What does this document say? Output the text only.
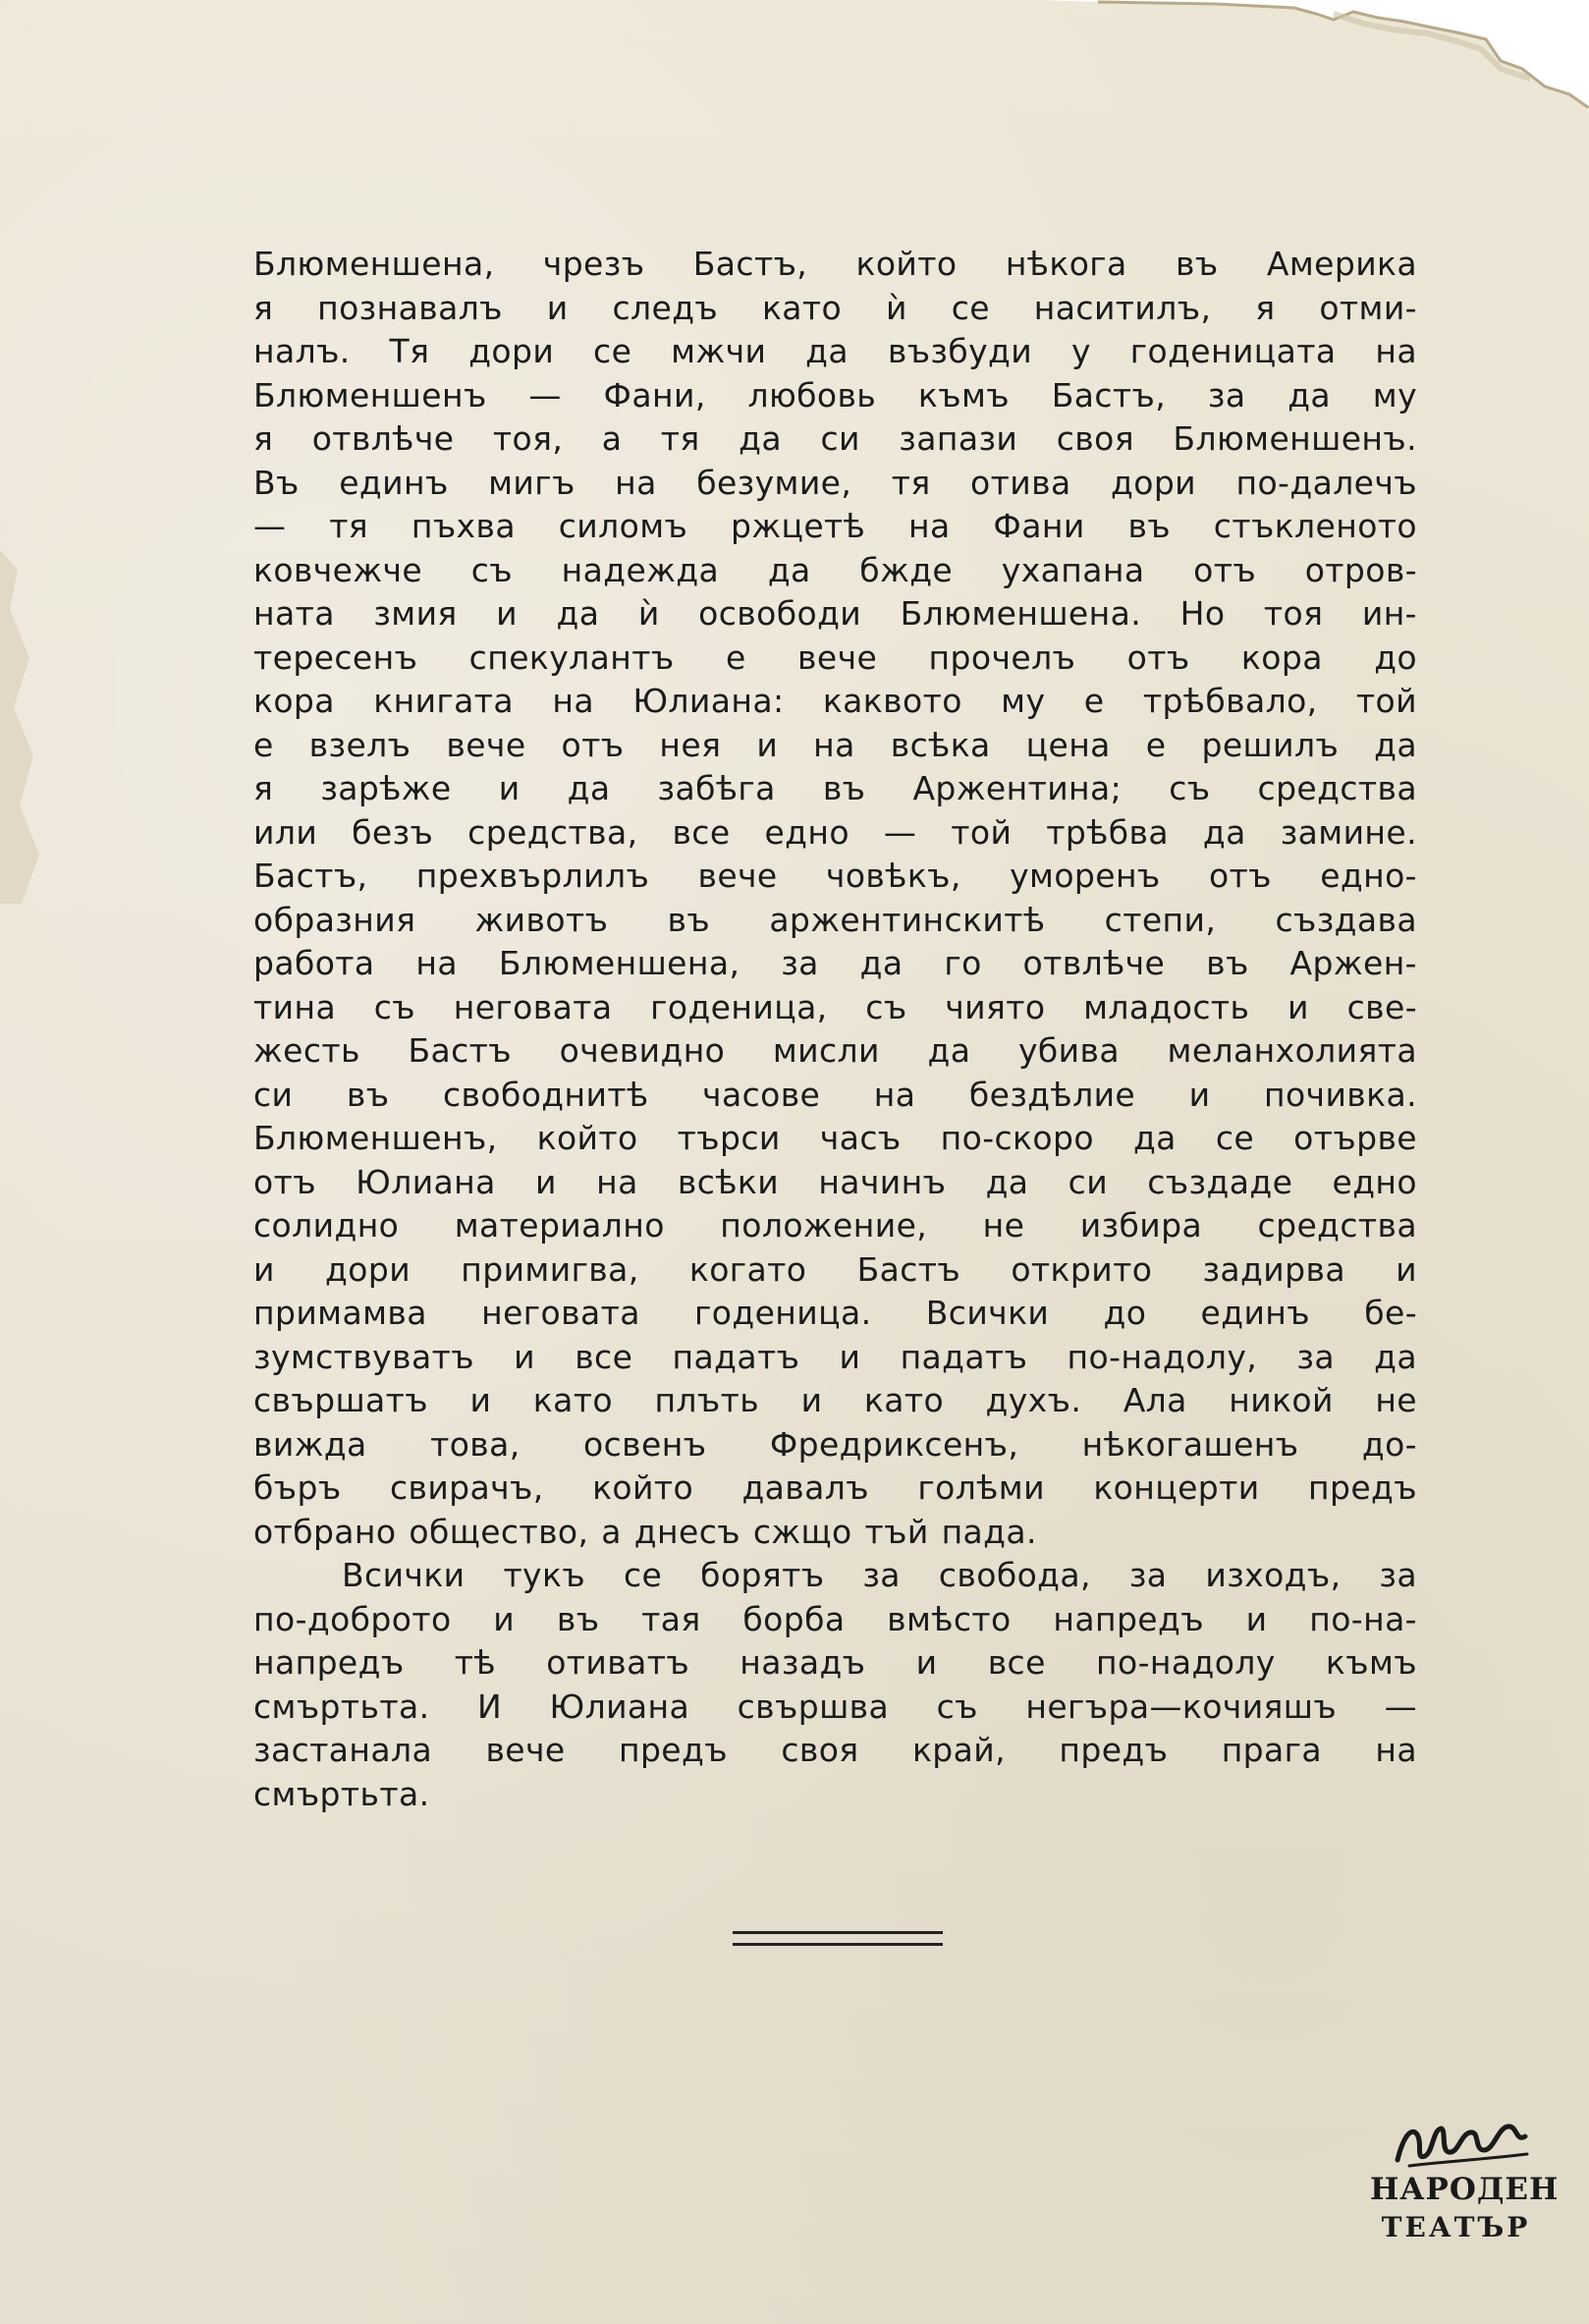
Блюменшена, чрезъ Бастъ, който нѣкога въ Америка
я познавалъ и следъ като ѝ се наситилъ, я отми-
налъ. Тя дори се мжчи да възбуди у годеницата на
Блюменшенъ — Фани, любовь къмъ Бастъ, за да му
я отвлѣче тоя, а тя да си запази своя Блюменшенъ.
Въ единъ мигъ на безумие, тя отива дори по-далечъ
— тя пъхва силомъ ржцетѣ на Фани въ стъкленото
ковчежче съ надежда да бжде ухапана отъ отров-
ната змия и да ѝ освободи Блюменшена. Но тоя ин-
тересенъ спекулантъ е вече прочелъ отъ кора до
кора книгата на Юлиана: каквото му е трѣбвало, той
е взелъ вече отъ нея и на всѣка цена е решилъ да
я зарѣже и да забѣга въ Аржентина; съ средства
или безъ средства, все едно — той трѣбва да замине.
Бастъ, прехвърлилъ вече човѣкъ, уморенъ отъ едно-
образния животъ въ аржентинскитѣ степи, създава
работа на Блюменшена, за да го отвлѣче въ Аржен-
тина съ неговата годеница, съ чиято младость и све-
жесть Бастъ очевидно мисли да убива меланхолията
си въ свободнитѣ часове на бездѣлие и почивка.
Блюменшенъ, който търси часъ по-скоро да се отърве
отъ Юлиана и на всѣки начинъ да си създаде едно
солидно материално положение, не избира средства
и дори примигва, когато Бастъ открито задирва и
примамва неговата годеница. Всички до единъ бе-
зумствуватъ и все падатъ и падатъ по-надолу, за да
свършатъ и като плъть и като духъ. Ала никой не
вижда това, освенъ Фредриксенъ, нѣкогашенъ до-
бъръ свирачъ, който давалъ голѣми концерти предъ
отбрано общество, а днесъ сжщо тъй пада.
Всички тукъ се борятъ за свобода, за изходъ, за
по-доброто и въ тая борба вмѣсто напредъ и по-на-
напредъ тѣ отиватъ назадъ и все по-надолу къмъ
смъртьта. И Юлиана свършва съ негъра—кочияшъ —
застанала вече предъ своя край, предъ прага на
смъртьта.
НАРОДЕН
ТЕАТЪР
